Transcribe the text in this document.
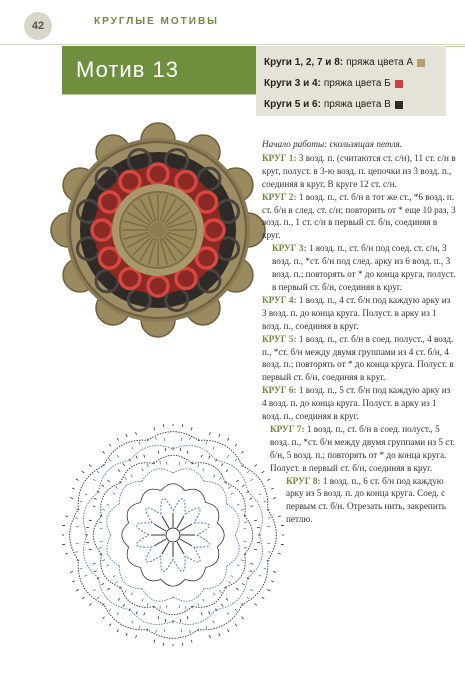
42	КРУГЛЫЕ МОТИВЫ
Мотив 13	Круги 1, 2, 7 и 8: пряжа цвета А
Круги 3 и 4: пряжа цвета Б
Круги 5 и 6: пряжа цвета В
Начало работы: скользящая петля.
КРУГ 1: 3 возд. п. (считаются ст. с/н), 11 ст. с/н в круг, полуст. в 3-ю возд. п. цепочки из 3 возд. п., соединяя в круг. В круге 12 ст. с/н.
КРУГ 2: 1 возд. п., ст. б/н в тот же ст., *6 возд. п. ст. б/н в след. ст. с/н; повторить от * еще 10 раз, 3 возд. п., 1 ст. с/н в первый ст. б/н, соединяя в круг.
КРУГ 3: 1 возд. п., ст. б/н под соед. ст. с/н, 3 возд. п., *ст. б/н под след. арку из 6 возд. п., 3 возд. п.; повторять от * до конца круга, полуст. в первый ст. б/н, соединяя в круг.
КРУГ 4: 1 возд. п., 4 ст. б/н под каждую арку из 3 возд. п. до конца круга. Полуст. в арку из 1 возд. п., соединяя в круг.
КРУГ 5: 1 возд. п., ст. б/н в соед. полуст., 4 возд. п., *ст. б/н между двумя группами из 4 ст. б/н, 4 возд. п.; повторять от * до конца круга. Полуст. в первый ст. б/н, соединяя в круг.
КРУГ 6: 1 возд. п., 5 ст. б/н под каждую арку из 4 возд. п. до конца круга. Полуст. в арку из 1 возд. п., соединяя в круг.
КРУГ 7: 1 возд. п., ст. б/н в соед. полуст., 5 возд. п., *ст. б/н между двумя группами из 5 ст. б/н, 5 возд. п.; повторять от * до конца круга. Полуст. в первый ст. б/н, соединяя в круг.
КРУГ 8: 1 возд. п., 6 ст. б/н под каждую арку из 5 возд. п. до конца круга. Соед. с первым ст. б/н. Отрезать нить, закрепить петлю.
